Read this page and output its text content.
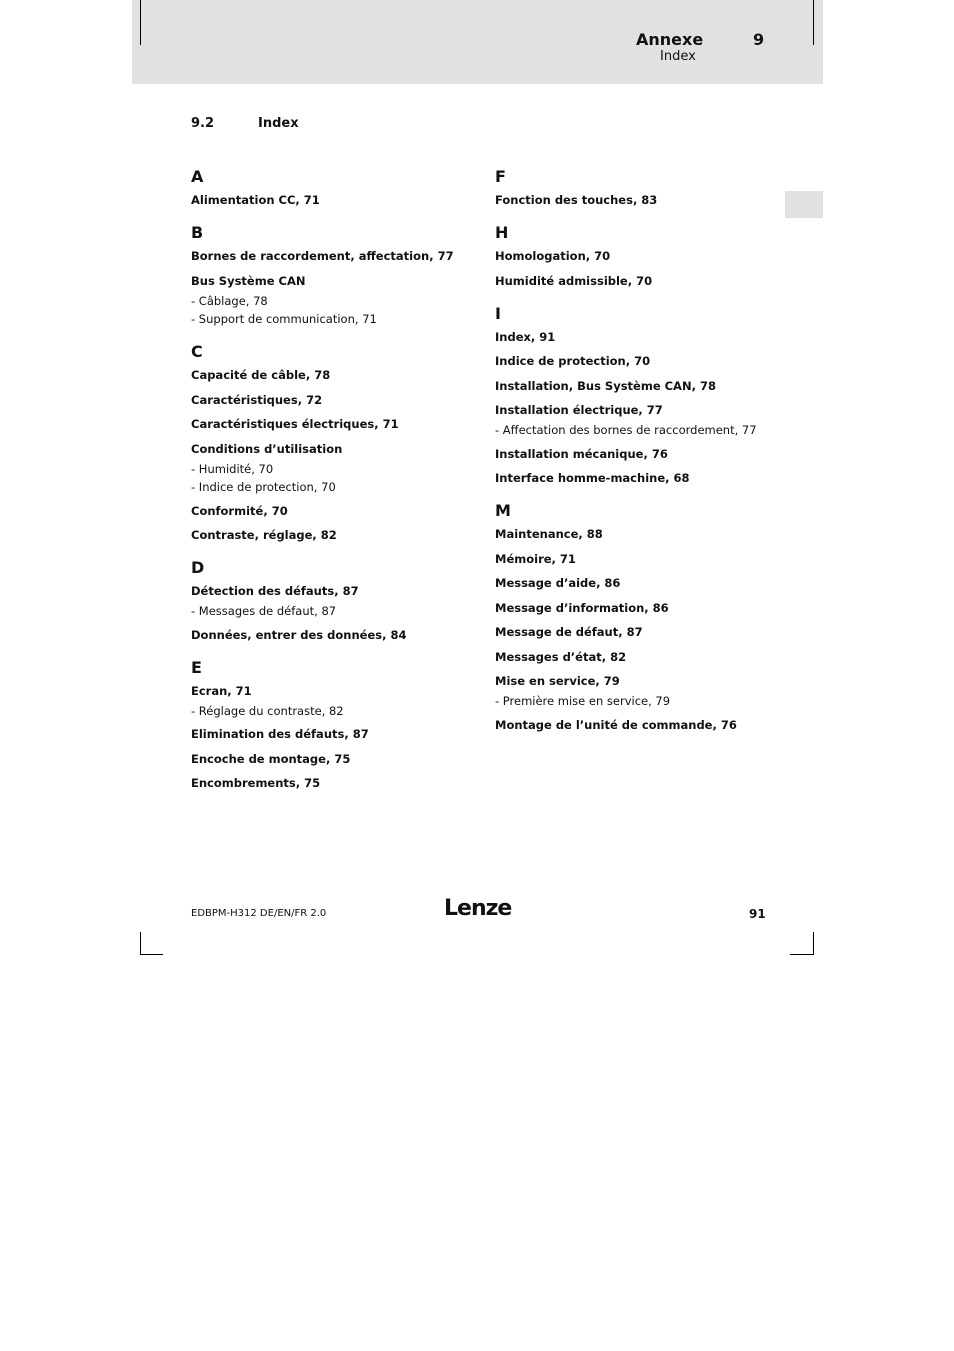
Annexe	9
Index
9.2	Index
A
Alimentation CC, 71
B
Bornes de raccordement, affectation, 77
Bus Système CAN
- Câblage, 78
- Support de communication, 71
C
Capacité de câble, 78
Caractéristiques, 72
Caractéristiques électriques, 71
Conditions d’utilisation
- Humidité, 70
- Indice de protection, 70
Conformité, 70
Contraste, réglage, 82
D
Détection des défauts, 87
- Messages de défaut, 87
Données, entrer des données, 84
E
Ecran, 71
- Réglage du contraste, 82
Elimination des défauts, 87
Encoche de montage, 75
Encombrements, 75
F
Fonction des touches, 83
H
Homologation, 70
Humidité admissible, 70
I
Index, 91
Indice de protection, 70
Installation, Bus Système CAN, 78
Installation électrique, 77
- Affectation des bornes de raccordement, 77
Installation mécanique, 76
Interface homme-machine, 68
M
Maintenance, 88
Mémoire, 71
Message d’aide, 86
Message d’information, 86
Message de défaut, 87
Messages d’état, 82
Mise en service, 79
- Première mise en service, 79
Montage de l’unité de commande, 76
EDBPM-H312 DE/EN/FR 2.0	Lenze	91
